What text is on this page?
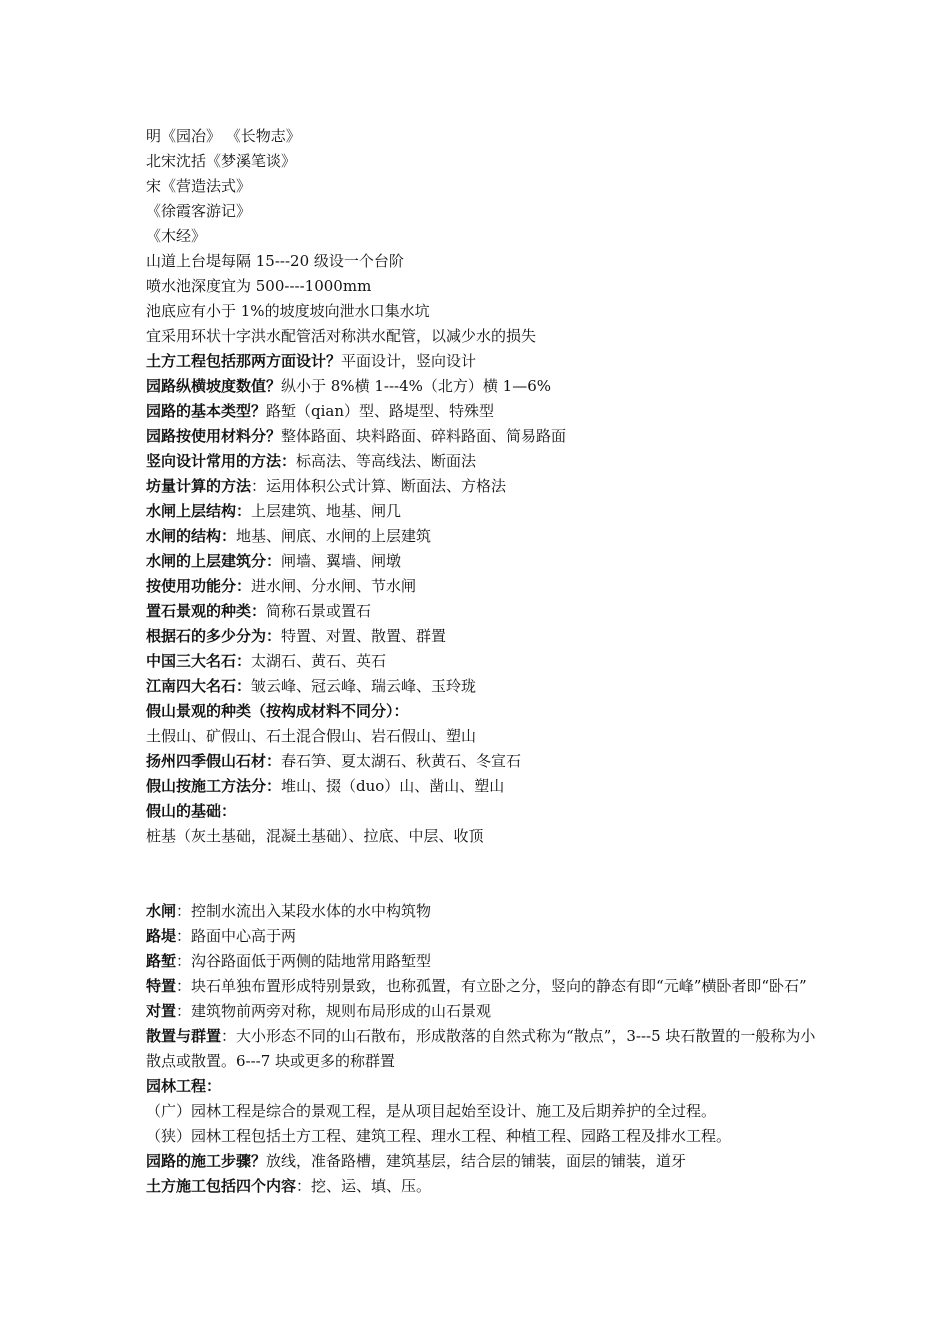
明《园冶》 《长物志》
北宋沈括《梦溪笔谈》
宋《营造法式》
《徐霞客游记》
《木经》
山道上台堤每隔 15---20 级设一个台阶
喷水池深度宜为 500----1000mm
池底应有小于 1%的坡度坡向泄水口集水坑
宜采用环状十字洪水配管活对称洪水配管，以减少水的损失
土方工程包括那两方面设计？平面设计，竖向设计
园路纵横坡度数值？纵小于 8%横 1---4%（北方）横 1—6%
园路的基本类型？路堑（qian）型、路堤型、特殊型
园路按使用材料分？整体路面、块料路面、碎料路面、简易路面
竖向设计常用的方法：标高法、等高线法、断面法
坊量计算的方法：运用体积公式计算、断面法、方格法
水闸上层结构：上层建筑、地基、闸几
水闸的结构：地基、闸底、水闸的上层建筑
水闸的上层建筑分：闸墙、翼墙、闸墩
按使用功能分：进水闸、分水闸、节水闸
置石景观的种类：简称石景或置石
根据石的多少分为：特置、对置、散置、群置
中国三大名石：太湖石、黄石、英石
江南四大名石：皱云峰、冠云峰、瑞云峰、玉玲珑
假山景观的种类（按构成材料不同分）：
土假山、矿假山、石土混合假山、岩石假山、塑山
扬州四季假山石材：春石笋、夏太湖石、秋黄石、冬宣石
假山按施工方法分：堆山、掇（duo）山、凿山、塑山
假山的基础：
桩基（灰土基础，混凝土基础）、拉底、中层、收顶
水闸：控制水流出入某段水体的水中构筑物
路堤：路面中心高于两
路堑：沟谷路面低于两侧的陆地常用路堑型
特置：块石单独布置形成特别景致，也称孤置，有立卧之分，竖向的静态有即“元峰”横卧者即“卧石”
对置：建筑物前两旁对称，规则布局形成的山石景观
散置与群置：大小形态不同的山石散布，形成散落的自然式称为“散点”，3---5 块石散置的一般称为小散点或散置。6---7 块或更多的称群置
园林工程：
（广）园林工程是综合的景观工程，是从项目起始至设计、施工及后期养护的全过程。
（狭）园林工程包括土方工程、建筑工程、理水工程、种植工程、园路工程及排水工程。
园路的施工步骤？放线，准备路槽，建筑基层，结合层的铺装，面层的铺装，道牙
土方施工包括四个内容：挖、运、填、压。
